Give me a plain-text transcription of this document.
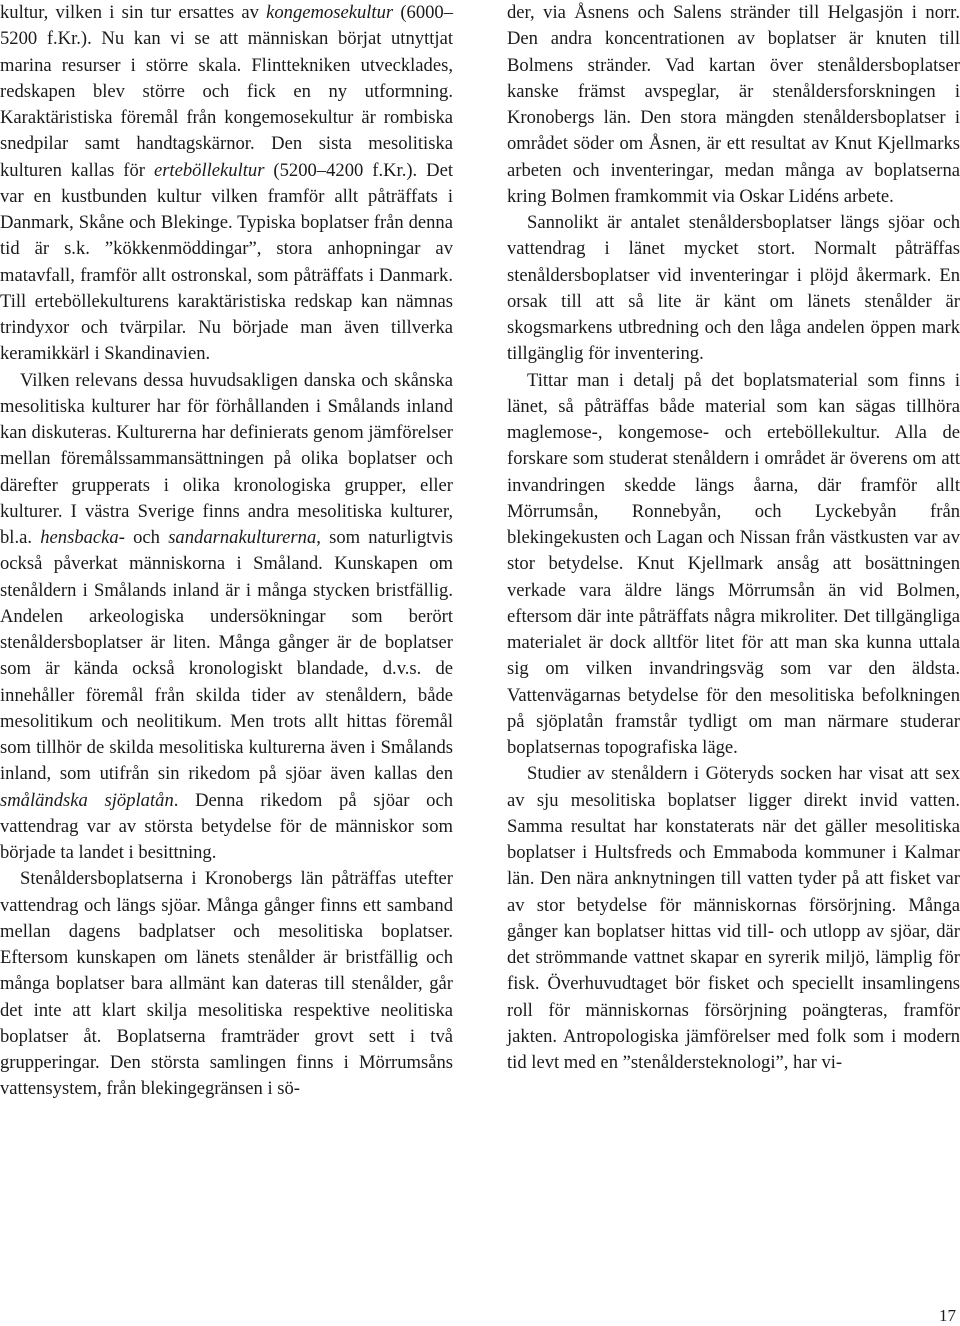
kultur, vilken i sin tur ersattes av kongemosekultur (6000–5200 f.Kr.). Nu kan vi se att människan börjat utnyttjat marina resurser i större skala. Flinttekniken utvecklades, redskapen blev större och fick en ny utformning. Karaktäristiska föremål från kongemosekultur är rombiska snedpilar samt handtagskärnor. Den sista mesolitiska kulturen kallas för erteböllekultur (5200–4200 f.Kr.). Det var en kustbunden kultur vilken framför allt påträffats i Danmark, Skåne och Blekinge. Typiska boplatser från denna tid är s.k. ”kökkenmöddingar”, stora anhopningar av matavfall, framför allt ostronskal, som påträffats i Danmark. Till erteböllekulturens karaktäristiska redskap kan nämnas trindyxor och tvärpilar. Nu började man även tillverka keramikkärl i Skandinavien.

Vilken relevans dessa huvudsakligen danska och skånska mesolitiska kulturer har för förhållanden i Smålands inland kan diskuteras. Kulturerna har definierats genom jämförelser mellan föremålssammansättningen på olika boplatser och därefter grupperats i olika kronologiska grupper, eller kulturer. I västra Sverige finns andra mesolitiska kulturer, bl.a. hensbacka- och sandarnakulturerna, som naturligtvis också påverkat människorna i Småland. Kunskapen om stenåldern i Smålands inland är i många stycken bristfällig. Andelen arkeologiska undersökningar som berört stenåldersboplatser är liten. Många gånger är de boplatser som är kända också kronologiskt blandade, d.v.s. de innehåller föremål från skilda tider av stenåldern, både mesolitikum och neolitikum. Men trots allt hittas föremål som tillhör de skilda mesolitiska kulturerna även i Smålands inland, som utifrån sin rikedom på sjöar även kallas den småländska sjöplatån. Denna rikedom på sjöar och vattendrag var av största betydelse för de människor som började ta landet i besittning.

Stenåldersboplatserna i Kronobergs län påträffas utefter vattendrag och längs sjöar. Många gånger finns ett samband mellan dagens badplatser och mesolitiska boplatser. Eftersom kunskapen om länets stenålder är bristfällig och många boplatser bara allmänt kan dateras till stenålder, går det inte att klart skilja mesolitiska respektive neolitiska boplatser åt. Boplatserna framträder grovt sett i två grupperingar. Den största samlingen finns i Mörrumsåns vattensystem, från blekingegränsen i sö-

der, via Åsnens och Salens stränder till Helgasjön i norr. Den andra koncentrationen av boplatser är knuten till Bolmens stränder. Vad kartan över stenåldersboplatser kanske främst avspeglar, är stenåldersforskningen i Kronobergs län. Den stora mängden stenåldersboplatser i området söder om Åsnen, är ett resultat av Knut Kjellmarks arbeten och inventeringar, medan många av boplatserna kring Bolmen framkommit via Oskar Lidéns arbete.

Sannolikt är antalet stenåldersboplatser längs sjöar och vattendrag i länet mycket stort. Normalt påträffas stenåldersboplatser vid inventeringar i plöjd åkermark. En orsak till att så lite är känt om länets stenålder är skogsmarkens utbredning och den låga andelen öppen mark tillgänglig för inventering.

Tittar man i detalj på det boplatsmaterial som finns i länet, så påträffas både material som kan sägas tillhöra maglemose-, kongemose- och erteböllekultur. Alla de forskare som studerat stenåldern i området är överens om att invandringen skedde längs åarna, där framför allt Mörrumsån, Ronnebyån, och Lyckebyån från blekingekusten och Lagan och Nissan från västkusten var av stor betydelse. Knut Kjellmark ansåg att bosättningen verkade vara äldre längs Mörrumsån än vid Bolmen, eftersom där inte påträffats några mikroliter. Det tillgängliga materialet är dock alltför litet för att man ska kunna uttala sig om vilken invandringsväg som var den äldsta. Vattenvägarnas betydelse för den mesolitiska befolkningen på sjöplatån framstår tydligt om man närmare studerar boplatsernas topografiska läge.

Studier av stenåldern i Göteryds socken har visat att sex av sju mesolitiska boplatser ligger direkt invid vatten. Samma resultat har konstaterats när det gäller mesolitiska boplatser i Hultsfreds och Emmaboda kommuner i Kalmar län. Den nära anknytningen till vatten tyder på att fisket var av stor betydelse för människornas försörjning. Många gånger kan boplatser hittas vid till- och utlopp av sjöar, där det strömmande vattnet skapar en syrerik miljö, lämplig för fisk. Överhuvudtaget bör fisket och speciellt insamlingens roll för människornas försörjning poängteras, framför jakten. Antropologiska jämförelser med folk som i modern tid levt med en ”stenåldersteknologi”, har vi-

17
